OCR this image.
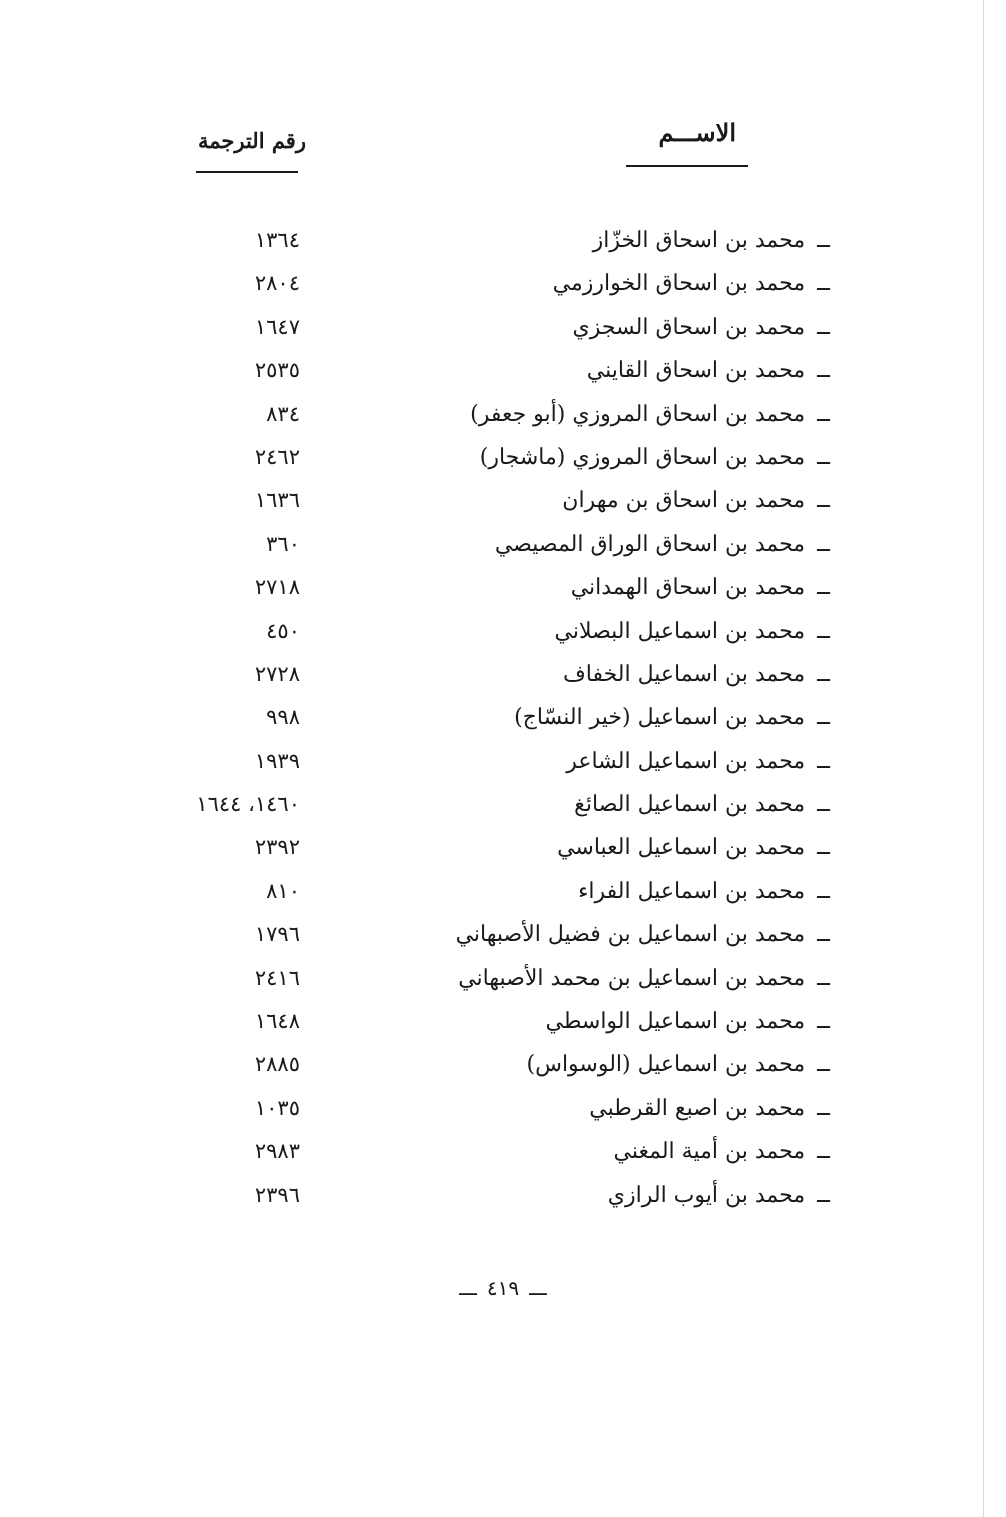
الاســـم
رقم الترجمة
ــمحمد بن اسحاق الخزّاز
١٣٦٤
ــمحمد بن اسحاق الخوارزمي
٢٨٠٤
ــمحمد بن اسحاق السجزي
١٦٤٧
ــمحمد بن اسحاق القايني
٢٥٣٥
ــمحمد بن اسحاق المروزي (أبو جعفر)
٨٣٤
ــمحمد بن اسحاق المروزي (ماشجار)
٢٤٦٢
ــمحمد بن اسحاق بن مهران
١٦٣٦
ــمحمد بن اسحاق الوراق المصيصي
٣٦٠
ــمحمد بن اسحاق الهمداني
٢٧١٨
ــمحمد بن اسماعيل البصلاني
٤٥٠
ــمحمد بن اسماعيل الخفاف
٢٧٢٨
ــمحمد بن اسماعيل (خير النسّاج)
٩٩٨
ــمحمد بن اسماعيل الشاعر
١٩٣٩
ــمحمد بن اسماعيل الصائغ
١٤٦٠، ١٦٤٤
ــمحمد بن اسماعيل العباسي
٢٣٩٢
ــمحمد بن اسماعيل الفراء
٨١٠
ــمحمد بن اسماعيل بن فضيل الأصبهاني
١٧٩٦
ــمحمد بن اسماعيل بن محمد الأصبهاني
٢٤١٦
ــمحمد بن اسماعيل الواسطي
١٦٤٨
ــمحمد بن اسماعيل (الوسواس)
٢٨٨٥
ــمحمد بن اصبع القرطبي
١٠٣٥
ــمحمد بن أمية المغني
٢٩٨٣
ــمحمد بن أيوب الرازي
٢٣٩٦
ـــ٤١٩ـــ
